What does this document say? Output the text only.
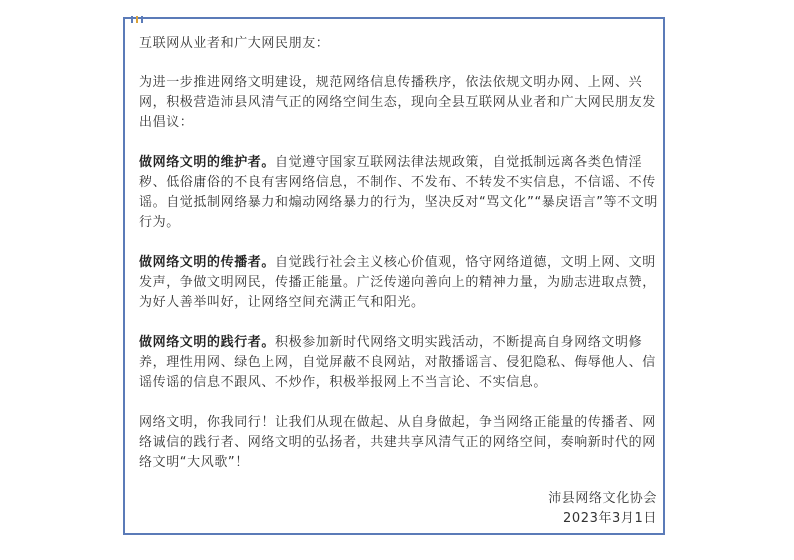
互联网从业者和广大网民朋友：

为进一步推进网络文明建设，规范网络信息传播秩序，依法依规文明办网、上网、兴网，积极营造沛县风清气正的网络空间生态，现向全县互联网从业者和广大网民朋友发出倡议：

做网络文明的维护者。自觉遵守国家互联网法律法规政策，自觉抵制远离各类色情淫秽、低俗庸俗的不良有害网络信息，不制作、不发布、不转发不实信息，不信谣、不传谣。自觉抵制网络暴力和煽动网络暴力的行为，坚决反对“骂文化”“暴戾语言”等不文明行为。

做网络文明的传播者。自觉践行社会主义核心价值观，恪守网络道德，文明上网、文明发声，争做文明网民，传播正能量。广泛传递向善向上的精神力量，为励志进取点赞，为好人善举叫好，让网络空间充满正气和阳光。

做网络文明的践行者。积极参加新时代网络文明实践活动，不断提高自身网络文明修养，理性用网、绿色上网，自觉屏蔽不良网站，对散播谣言、侵犯隐私、侮辱他人、信谣传谣的信息不跟风、不炒作，积极举报网上不当言论、不实信息。

网络文明，你我同行！让我们从现在做起、从自身做起，争当网络正能量的传播者、网络诚信的践行者、网络文明的弘扬者，共建共享风清气正的网络空间，奏响新时代的网络文明“大风歌”！

沛县网络文化协会
2023年3月1日
